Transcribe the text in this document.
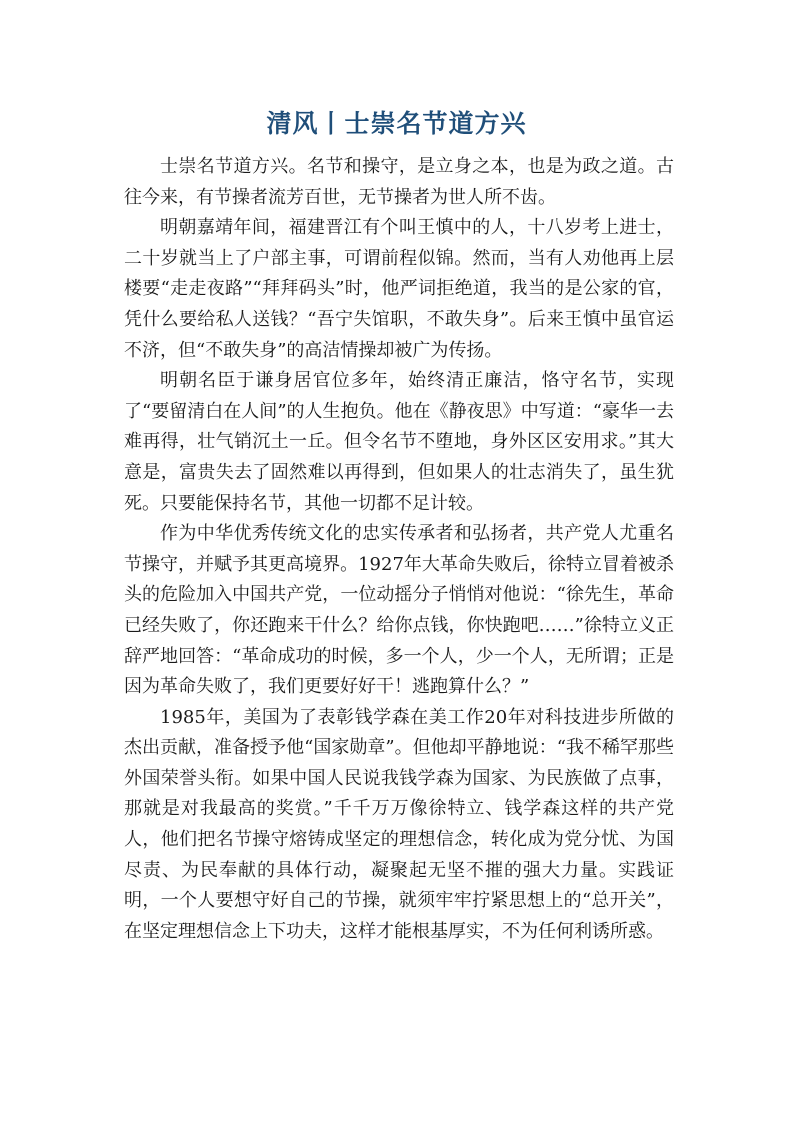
清风丨士崇名节道方兴

士崇名节道方兴。名节和操守，是立身之本，也是为政之道。古往今来，有节操者流芳百世，无节操者为世人所不齿。

明朝嘉靖年间，福建晋江有个叫王慎中的人，十八岁考上进士，二十岁就当上了户部主事，可谓前程似锦。然而，当有人劝他再上层楼要“走走夜路”“拜拜码头”时，他严词拒绝道，我当的是公家的官，凭什么要给私人送钱？“吾宁失馆职，不敢失身”。后来王慎中虽官运不济，但“不敢失身”的高洁情操却被广为传扬。

明朝名臣于谦身居官位多年，始终清正廉洁，恪守名节，实现了“要留清白在人间”的人生抱负。他在《静夜思》中写道：“豪华一去难再得，壮气销沉土一丘。但令名节不堕地，身外区区安用求。”其大意是，富贵失去了固然难以再得到，但如果人的壮志消失了，虽生犹死。只要能保持名节，其他一切都不足计较。

作为中华优秀传统文化的忠实传承者和弘扬者，共产党人尤重名节操守，并赋予其更高境界。1927年大革命失败后，徐特立冒着被杀头的危险加入中国共产党，一位动摇分子悄悄对他说：“徐先生，革命已经失败了，你还跑来干什么？给你点钱，你快跑吧……”徐特立义正辞严地回答：“革命成功的时候，多一个人，少一个人，无所谓；正是因为革命失败了，我们更要好好干！逃跑算什么？”

1985年，美国为了表彰钱学森在美工作20年对科技进步所做的杰出贡献，准备授予他“国家勋章”。但他却平静地说：“我不稀罕那些外国荣誉头衔。如果中国人民说我钱学森为国家、为民族做了点事，那就是对我最高的奖赏。”千千万万像徐特立、钱学森这样的共产党人，他们把名节操守熔铸成坚定的理想信念，转化成为党分忧、为国尽责、为民奉献的具体行动，凝聚起无坚不摧的强大力量。实践证明，一个人要想守好自己的节操，就须牢牢拧紧思想上的“总开关”，在坚定理想信念上下功夫，这样才能根基厚实，不为任何利诱所惑。
